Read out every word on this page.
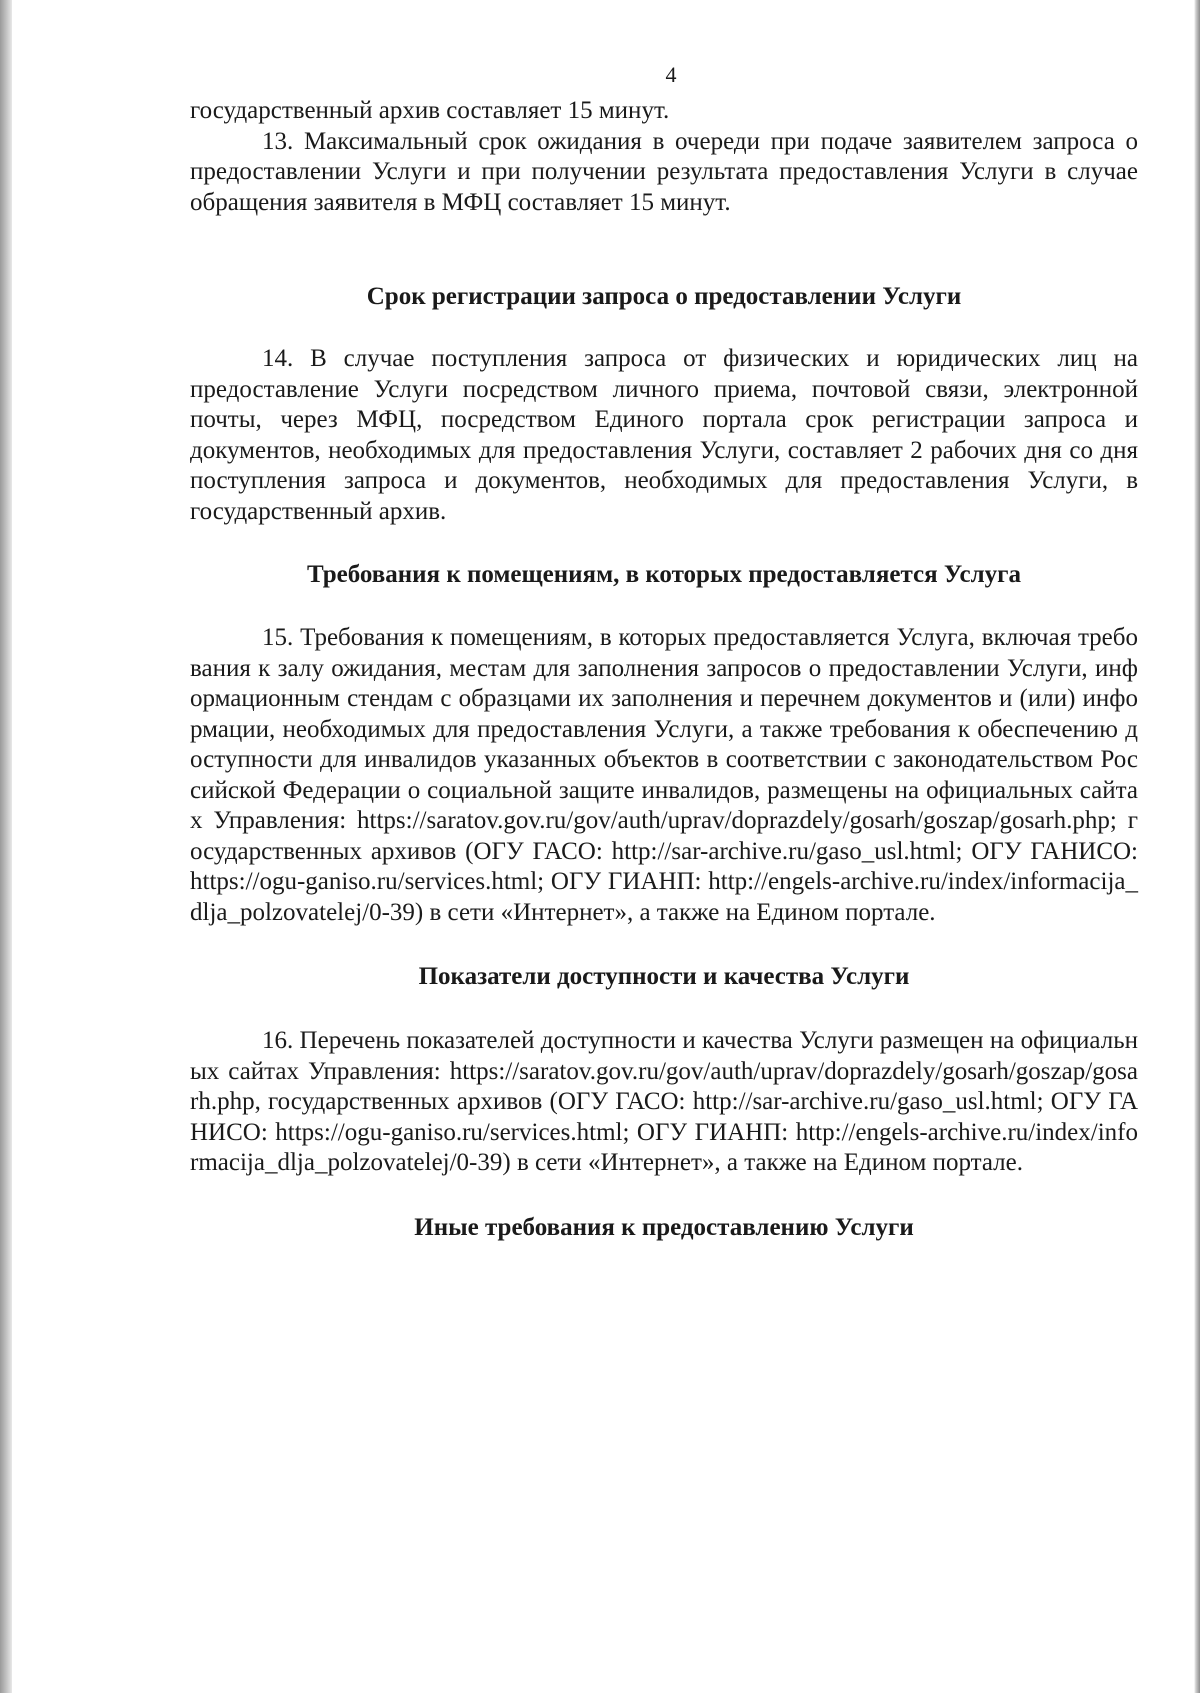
4

государственный архив составляет 15 минут.

13. Максимальный срок ожидания в очереди при подаче заявителем запроса о предоставлении Услуги и при получении результата предоставления Услуги в случае обращения заявителя в МФЦ составляет 15 минут.

Срок регистрации запроса о предоставлении Услуги

14. В случае поступления запроса от физических и юридических лиц на предоставление Услуги посредством личного приема, почтовой связи, электронной почты, через МФЦ, посредством Единого портала срок регистрации запроса и документов, необходимых для предоставления Услуги, составляет 2 рабочих дня со дня поступления запроса и документов, необходимых для предоставления Услуги, в государственный архив.

Требования к помещениям, в которых предоставляется Услуга

15. Требования к помещениям, в которых предоставляется Услуга, включая требования к залу ожидания, местам для заполнения запросов о предоставлении Услуги, информационным стендам с образцами их заполнения и перечнем документов и (или) информации, необходимых для предоставления Услуги, а также требования к обеспечению доступности для инвалидов указанных объектов в соответствии с законодательством Российской Федерации о социальной защите инвалидов, размещены на официальных сайтах Управления: https://saratov.gov.ru/gov/auth/uprav/doprazdely/gosarh/goszap/gosarh.php; г осударственных архивов (ОГУ ГАСО: http://sar-archive.ru/gaso_usl.html; ОГУ ГАНИСО: https://ogu-ganiso.ru/services.html; ОГУ ГИАНП: http://engels-archive.ru/index/informacija_dlja_polzovatelej/0-39) в сети «Интернет», а также на Едином портале.

Показатели доступности и качества Услуги

16. Перечень показателей доступности и качества Услуги размещен на официальных сайтах Управления: https://saratov.gov.ru/gov/auth/uprav/doprazdely/gosarh/goszap/gosarh.php, государственных архивов (ОГУ ГАСО: http://sar-archive.ru/gaso_usl.html; ОГУ ГАНИСО: https://ogu-ganiso.ru/services.html; ОГУ ГИАНП: http://engels-archive.ru/index/informacija_dlja_polzovatelej/0-39) в сети «Интернет», а также на Едином портале.

Иные требования к предоставлению Услуги
